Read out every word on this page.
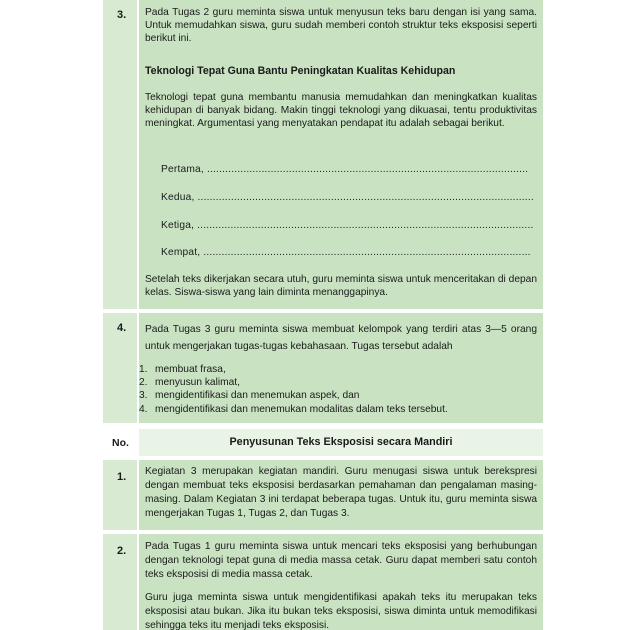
3. Pada Tugas 2 guru meminta siswa untuk menyusun teks baru dengan isi yang sama. Untuk memudahkan siswa, guru sudah memberi contoh struktur teks eksposisi seperti berikut ini.

Teknologi Tepat Guna Bantu Peningkatan Kualitas Kehidupan

Teknologi tepat guna membantu manusia memudahkan dan meningkatkan kualitas kehidupan di banyak bidang. Makin tinggi teknologi yang dikuasai, tentu produktivitas meningkat. Argumentasi yang menyatakan pendapat itu adalah sebagai berikut.

Pertama, ..........................................................................................................

Kedua, ...............................................................................................................

Ketiga, ...............................................................................................................

Kempat, ............................................................................................................

Setelah teks dikerjakan secara utuh, guru meminta siswa untuk menceritakan di depan kelas. Siswa-siswa yang lain diminta menanggapinya.

4. Pada Tugas 3 guru meminta siswa membuat kelompok yang terdiri atas 3—5 orang untuk mengerjakan tugas-tugas kebahasaan. Tugas tersebut adalah

1. membuat frasa,
2. menyusun kalimat,
3. mengidentifikasi dan menemukan aspek, dan
4. mengidentifikasi dan menemukan modalitas dalam teks tersebut.
No.	Penyusunan Teks Eksposisi secara Mandiri
1. Kegiatan 3 merupakan kegiatan mandiri. Guru menugasi siswa untuk berekspresi dengan membuat teks eksposisi berdasarkan pemahaman dan pengalaman masing-masing. Dalam Kegiatan 3 ini terdapat beberapa tugas. Untuk itu, guru meminta siswa mengerjakan Tugas 1, Tugas 2, dan Tugas 3.

2. Pada Tugas 1 guru meminta siswa untuk mencari teks eksposisi yang berhubungan dengan teknologi tepat guna di media massa cetak. Guru dapat memberi satu contoh teks eksposisi di media massa cetak.

Guru juga meminta siswa untuk mengidentifikasi apakah teks itu merupakan teks eksposisi atau bukan. Jika itu bukan teks eksposisi, siswa diminta untuk memodifikasi sehingga teks itu menjadi teks eksposisi.
